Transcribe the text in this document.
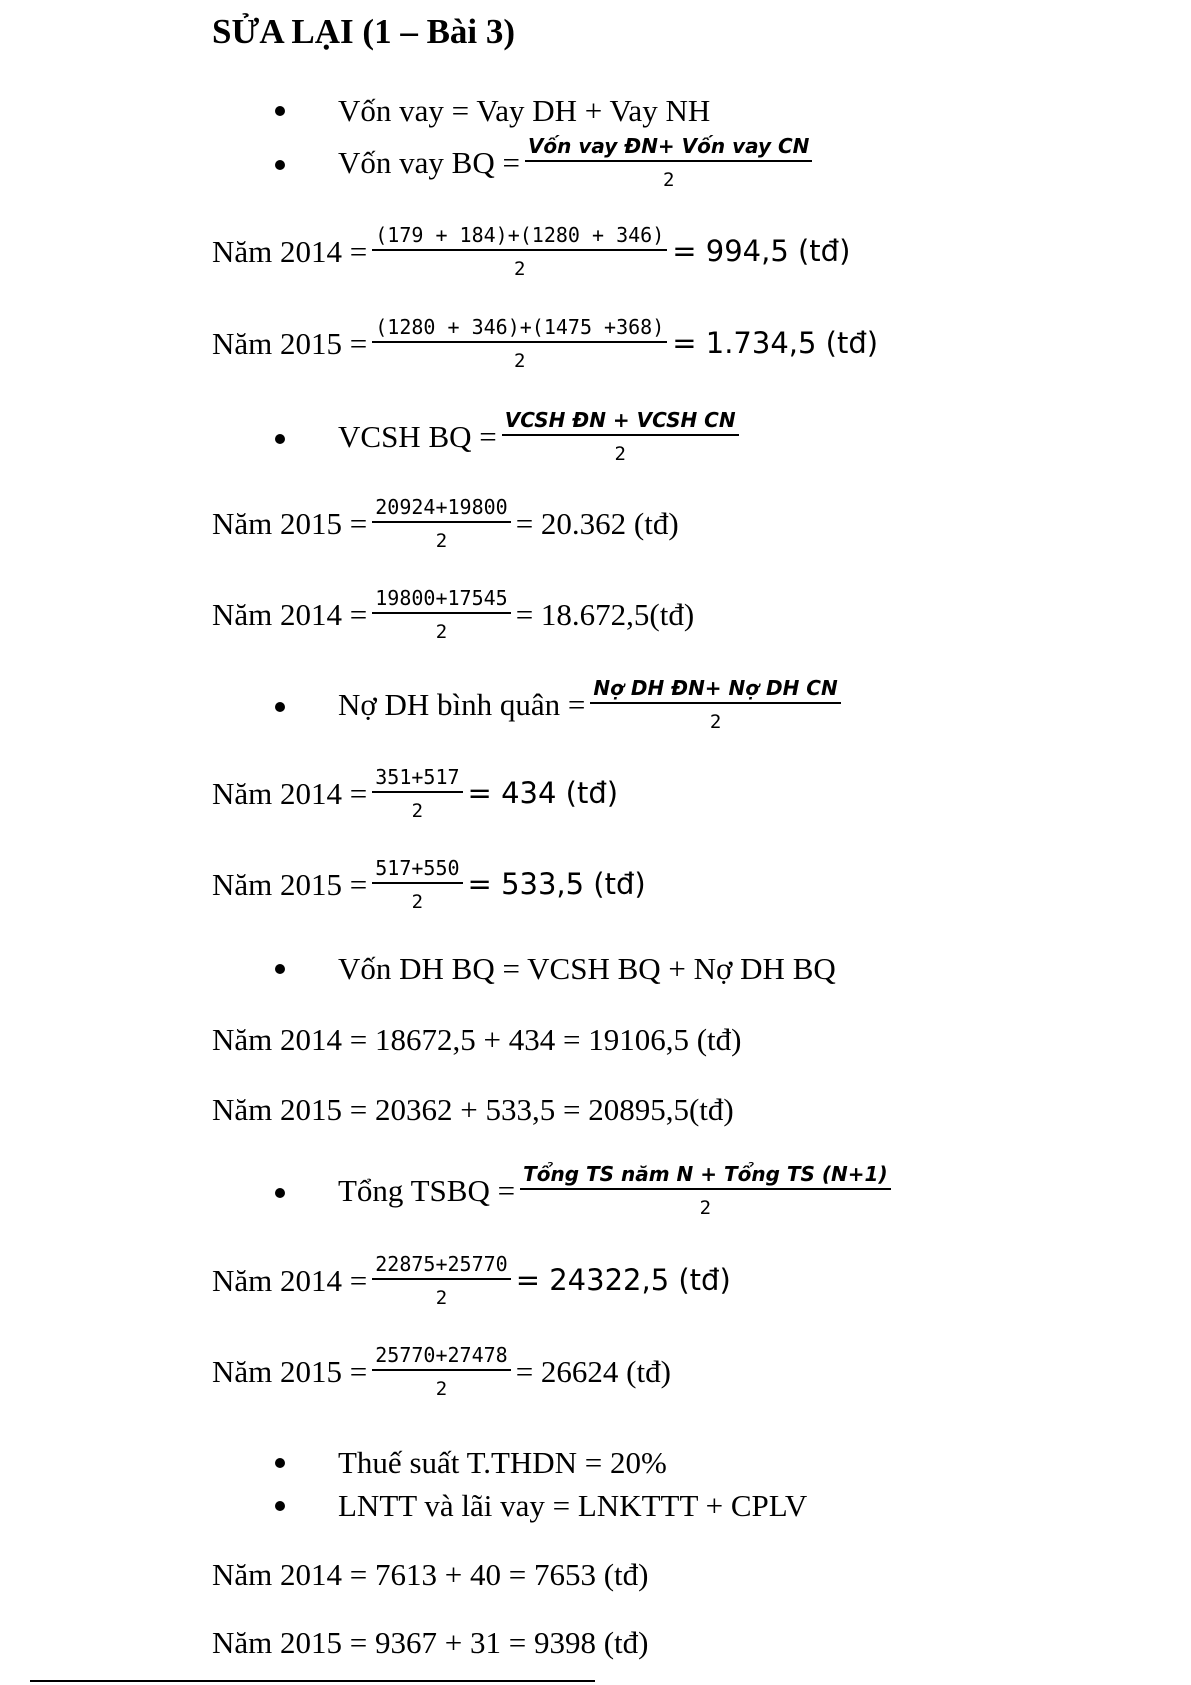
SỬA LẠI (1 – Bài 3)
Vốn vay = Vay DH + Vay NH
Vốn vay BQ = $\frac{\text{Vốn vay ĐN+ Vốn vay CN}}{2}$
Năm $2014 = \frac{(179 + 184)+(1280 + 346)}{2} = 994,5$ (tđ)
Năm $2015 = \frac{(1280 + 346)+(1475 +368)}{2} = 1.734,5$ (tđ)
VCSH BQ = $\frac{\text{VCSH ĐN + VCSH CN}}{2}$
Năm $2015 = \frac{20924+19800}{2} = 20.362$ (tđ)
Năm $2014 = \frac{19800+17545}{2}$ = 18.672,5(tđ)
Nợ DH bình quân = $\frac{\text{Nợ DH ĐN+ Nợ DH CN}}{2}$
Năm $2014 = \frac{351+517}{2} = 434$ (tđ)
Năm $2015 = \frac{517+550}{2} = 533,5$ (tđ)
Vốn DH BQ = VCSH BQ + Nợ DH BQ
Năm 2014 = 18672,5 + 434 = 19106,5 (tđ)
Năm 2015 = 20362 + 533,5 = 20895,5(tđ)
Tổng TSBQ = $\frac{\text{Tổng TS năm N + Tổng TS (N+1)}}{2}$
Năm $2014 = \frac{22875+25770}{2} = 24322,5$ (tđ)
Năm $2015 = \frac{25770+27478}{2} = 26624$ (tđ)
Thuế suất T.THDN = 20%
LNTT và lãi vay = LNKTTT + CPLV
Năm 2014 = 7613 + 40 = 7653 (tđ)
Năm 2015 = 9367 + 31 = 9398 (tđ)
